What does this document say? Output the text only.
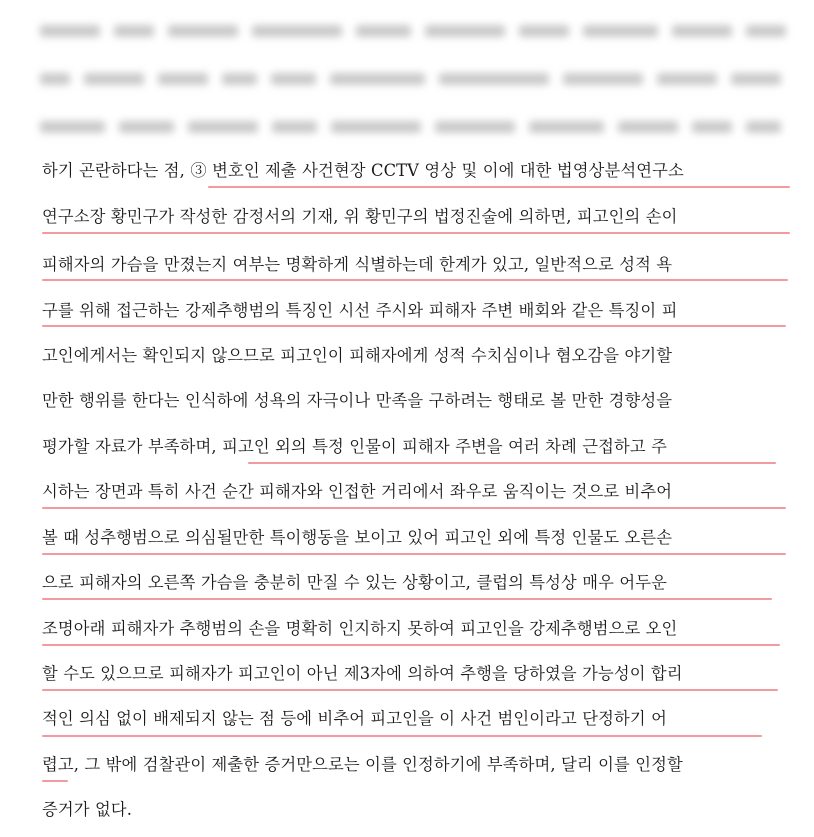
하기 곤란하다는 점, ③ 변호인 제출 사건현장 CCTV 영상 및 이에 대한 법영상분석연구소
연구소장 황민구가 작성한 감정서의 기재, 위 황민구의 법정진술에 의하면, 피고인의 손이
피해자의 가슴을 만졌는지 여부는 명확하게 식별하는데 한계가 있고, 일반적으로 성적 욕
구를 위해 접근하는 강제추행범의 특징인 시선 주시와 피해자 주변 배회와 같은 특징이 피
고인에게서는 확인되지 않으므로 피고인이 피해자에게 성적 수치심이나 혐오감을 야기할
만한 행위를 한다는 인식하에 성욕의 자극이나 만족을 구하려는 행태로 볼 만한 경향성을
평가할 자료가 부족하며, 피고인 외의 특정 인물이 피해자 주변을 여러 차례 근접하고 주
시하는 장면과 특히 사건 순간 피해자와 인접한 거리에서 좌우로 움직이는 것으로 비추어
볼 때 성추행범으로 의심될만한 특이행동을 보이고 있어 피고인 외에 특정 인물도 오른손
으로 피해자의 오른쪽 가슴을 충분히 만질 수 있는 상황이고, 클럽의 특성상 매우 어두운
조명아래 피해자가 추행범의 손을 명확히 인지하지 못하여 피고인을 강제추행범으로 오인
할 수도 있으므로 피해자가 피고인이 아닌 제3자에 의하여 추행을 당하였을 가능성이 합리
적인 의심 없이 배제되지 않는 점 등에 비추어 피고인을 이 사건 범인이라고 단정하기 어
렵고, 그 밖에 검찰관이 제출한 증거만으로는 이를 인정하기에 부족하며, 달리 이를 인정할
증거가 없다.
